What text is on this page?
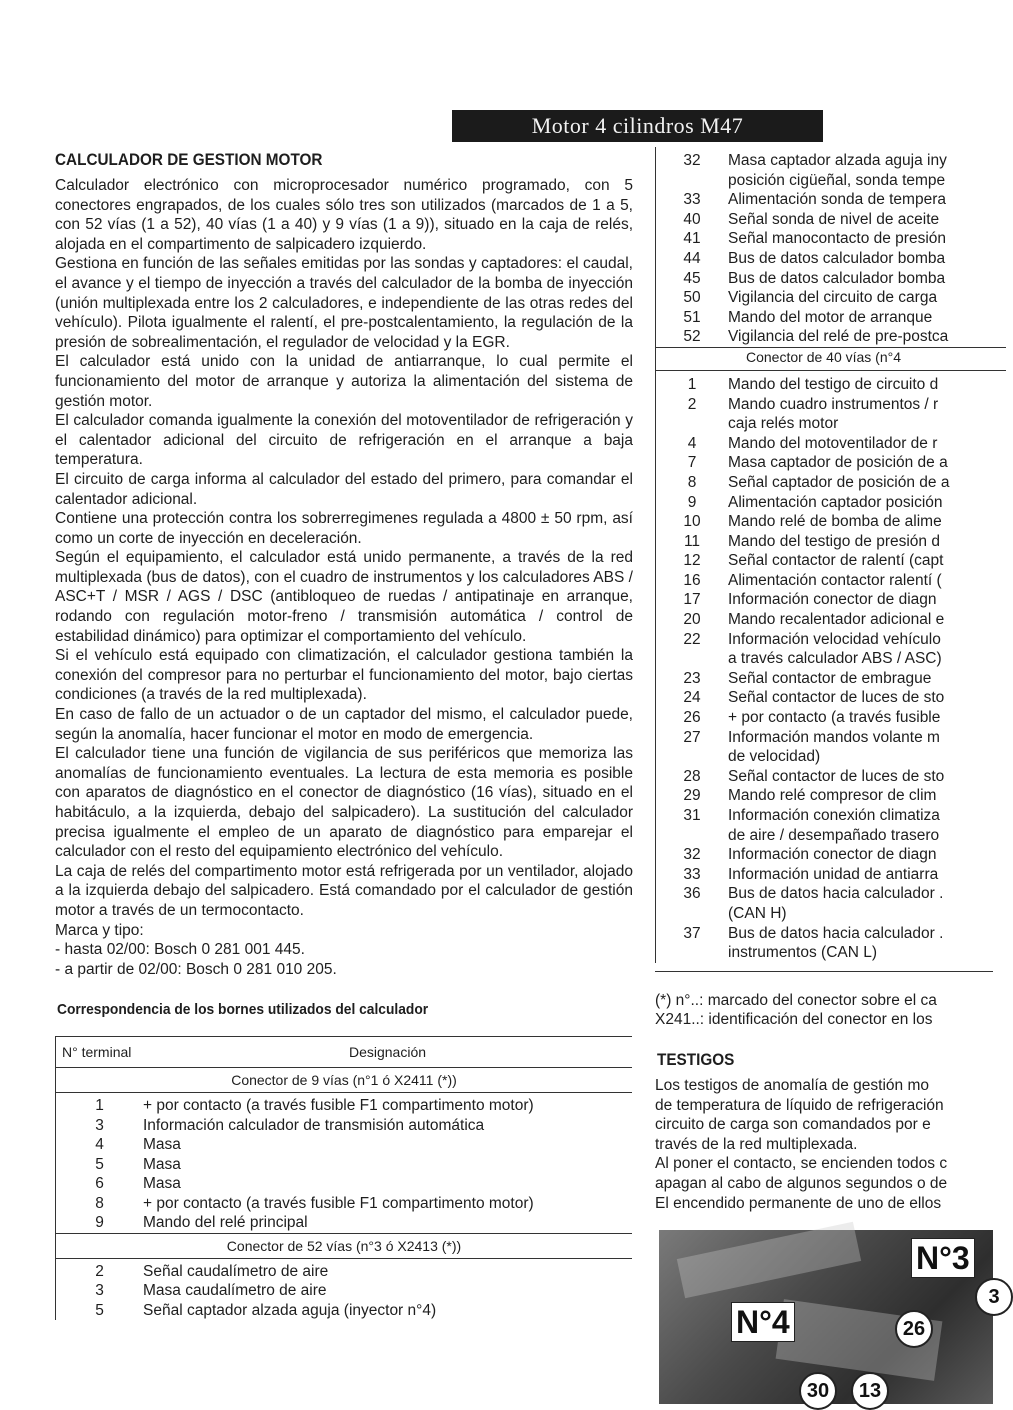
Motor 4 cilindros M47
CALCULADOR DE GESTION MOTOR

Calculador electrónico con microprocesador numérico programado, con 5 conectores engrapados, de los cuales sólo tres son utilizados (marcados de 1 a 5, con 52 vías (1 a 52), 40 vías (1 a 40) y 9 vías (1 a 9)), situado en la caja de relés, alojada en el compartimento de salpicadero izquierdo.

Gestiona en función de las señales emitidas por las sondas y captadores: el caudal, el avance y el tiempo de inyección a través del calculador de la bomba de inyección (unión multiplexada entre los 2 calculadores, e independiente de las otras redes del vehículo). Pilota igualmente el ralentí, el pre-postcalentamiento, la regulación de la presión de sobrealimentación, el regulador de velocidad y la EGR.

El calculador está unido con la unidad de antiarranque, lo cual permite el funcionamiento del motor de arranque y autoriza la alimentación del sistema de gestión motor.

El calculador comanda igualmente la conexión del motoventilador de refrigeración y el calentador adicional del circuito de refrigeración en el arranque a baja temperatura.

El circuito de carga informa al calculador del estado del primero, para comandar el calentador adicional.

Contiene una protección contra los sobrerregimenes regulada a 4800 ± 50 rpm, así como un corte de inyección en deceleración.

Según el equipamiento, el calculador está unido permanente, a través de la red multiplexada (bus de datos), con el cuadro de instrumentos y los calculadores ABS / ASC+T / MSR / AGS / DSC (antibloqueo de ruedas / antipatinaje en arranque, rodando con regulación motor-freno / transmisión automática / control de estabilidad dinámico) para optimizar el comportamiento del vehículo.

Si el vehículo está equipado con climatización, el calculador gestiona también la conexión del compresor para no perturbar el funcionamiento del motor, bajo ciertas condiciones (a través de la red multiplexada).

En caso de fallo de un actuador o de un captador del mismo, el calculador puede, según la anomalía, hacer funcionar el motor en modo de emergencia.

El calculador tiene una función de vigilancia de sus periféricos que memoriza las anomalías de funcionamiento eventuales. La lectura de esta memoria es posible con aparatos de diagnóstico en el conector de diagnóstico (16 vías), situado en el habitáculo, a la izquierda, debajo del salpicadero). La sustitución del calculador precisa igualmente el empleo de un aparato de diagnóstico para emparejar el calculador con el resto del equipamiento electrónico del vehículo.

La caja de relés del compartimento motor está refrigerada por un ventilador, alojado a la izquierda debajo del salpicadero. Está comandado por el calculador de gestión motor a través de un termocontacto.

Marca y tipo:

- hasta 02/00: Bosch 0 281 001 445.

- a partir de 02/00: Bosch 0 281 010 205.

Correspondencia de los bornes utilizados del calculador
N° terminal	Designación
Conector de 9 vías (n°1 ó X2411 (*))	
1	+ por contacto (a través fusible F1 compartimento motor)
3	Información calculador de transmisión automática
4	Masa
5	Masa
6	Masa
8	+ por contacto (a través fusible F1 compartimento motor)
9	Mando del relé principal
Conector de 52 vías (n°3 ó X2413 (*))	
2	Señal caudalímetro de aire
3	Masa caudalímetro de aire
5	Señal captador alzada aguja (inyector n°4)
32	Masa captador alzada aguja iny
	posición cigüeñal, sonda tempe
33	Alimentación sonda de tempera
40	Señal sonda de nivel de aceite
41	Señal manocontacto de presión
44	Bus de datos calculador bomba
45	Bus de datos calculador bomba
50	Vigilancia del circuito de carga
51	Mando del motor de arranque
52	Vigilancia del relé de pre-postca
Conector de 40 vías (n°4
1	Mando del testigo de circuito d
2	Mando cuadro instrumentos / r
	caja relés motor
4	Mando del motoventilador de r
7	Masa captador de posición de a
8	Señal captador de posición de a
9	Alimentación captador posición
10	Mando relé de bomba de alime
11	Mando del testigo de presión d
12	Señal contactor de ralentí (capt
16	Alimentación contactor ralentí (
17	Información conector de diagn
20	Mando recalentador adicional e
22	Información velocidad vehículo
	a través calculador ABS / ASC)
23	Señal contactor de embrague
24	Señal contactor de luces de sto
26	+ por contacto (a través fusible
27	Información mandos volante m
	de velocidad)
28	Señal contactor de luces de sto
29	Mando relé compresor de clim
31	Información conexión climatiza
	de aire / desempañado trasero
32	Información conector de diagn
33	Información unidad de antiarra
36	Bus de datos hacia calculador .
	(CAN H)
37	Bus de datos hacia calculador .
	instrumentos (CAN L)
(*) n°..: marcado del conector sobre el ca
X241..: identificación del conector en los
TESTIGOS

Los testigos de anomalía de gestión mo

de temperatura de líquido de refrigeración

circuito de carga son comandados por e

través de la red multiplexada.

Al poner el contacto, se encienden todos c

apagan al cabo de algunos segundos o de

El encendido permanente de uno de ellos

N°3
N°4	26
3
30	13
